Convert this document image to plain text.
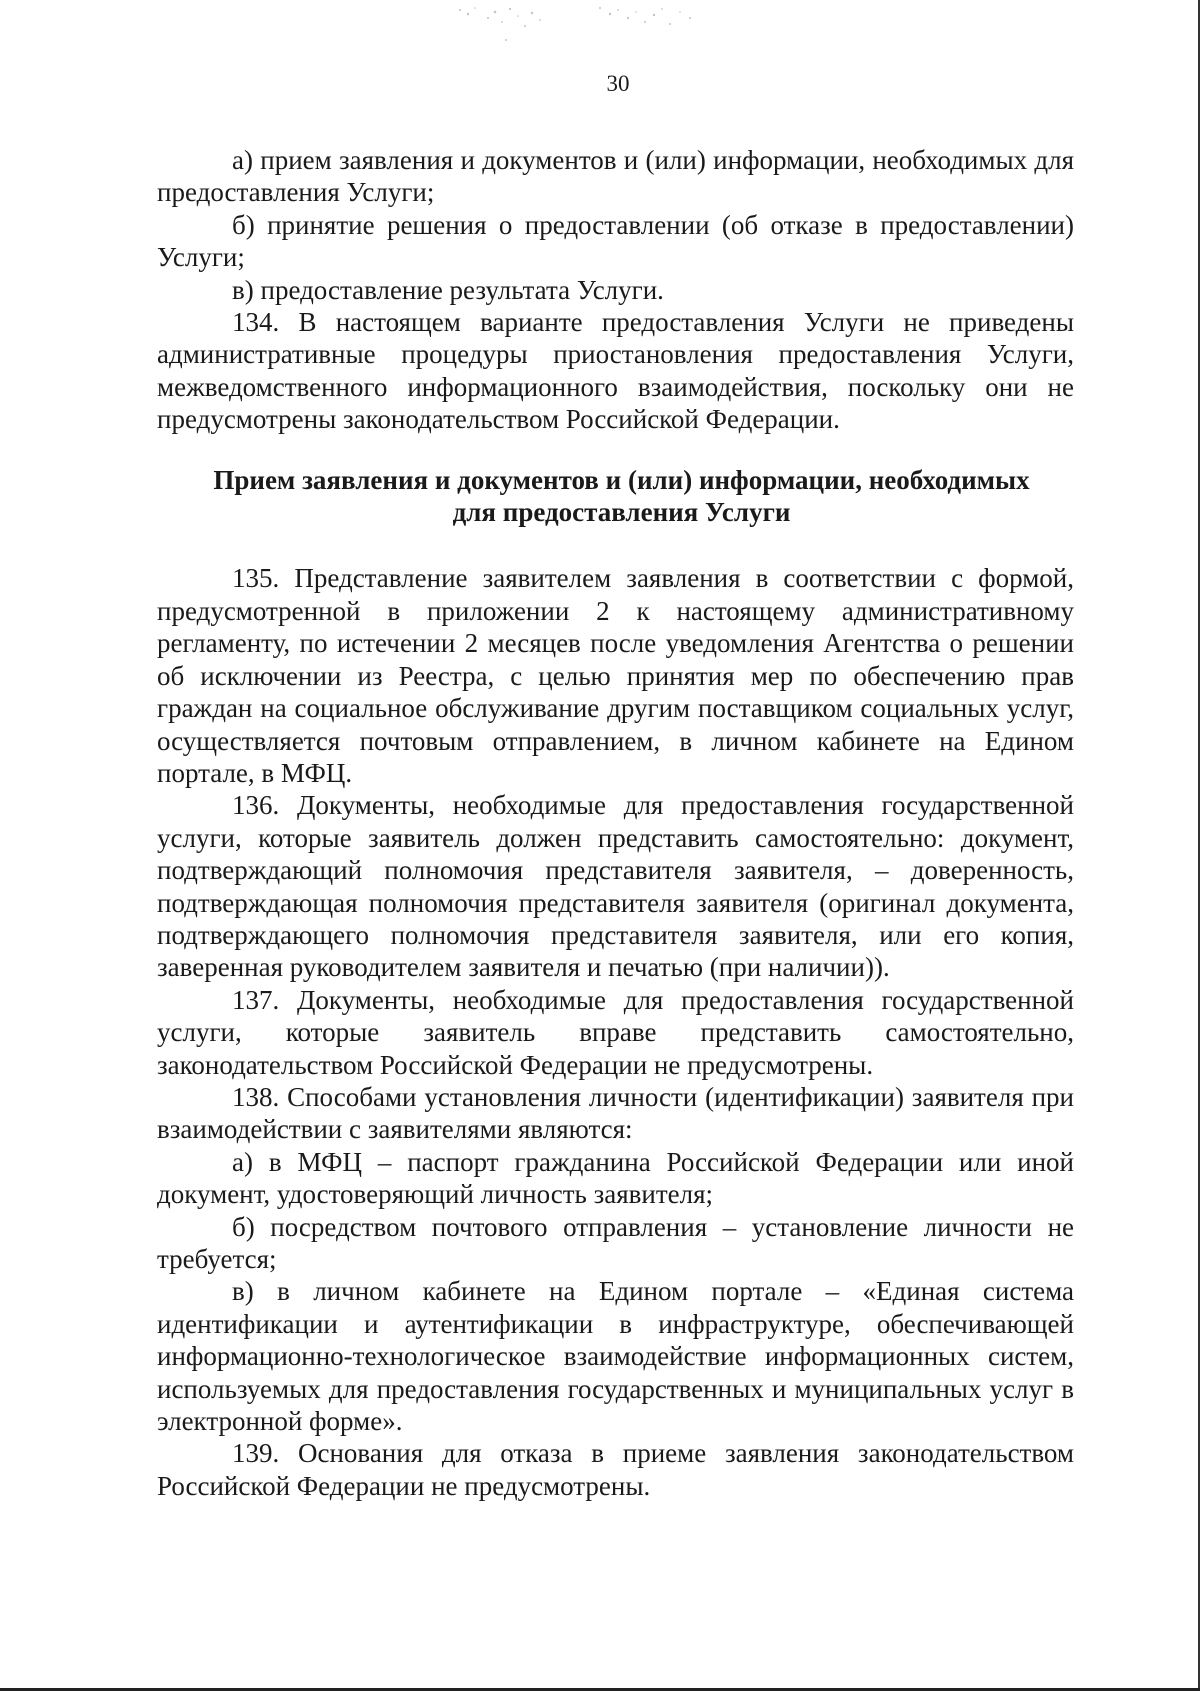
30

а) прием заявления и документов и (или) информации, необходимых для предоставления Услуги;

б) принятие решения о предоставлении (об отказе в предоставлении) Услуги;

в) предоставление результата Услуги.

134. В настоящем варианте предоставления Услуги не приведены административные процедуры приостановления предоставления Услуги, межведомственного информационного взаимодействия, поскольку они не предусмотрены законодательством Российской Федерации.

Прием заявления и документов и (или) информации, необходимых
для предоставления Услуги

135. Представление заявителем заявления в соответствии с формой, предусмотренной в приложении 2 к настоящему административному регламенту, по истечении 2 месяцев после уведомления Агентства о решении об исключении из Реестра, с целью принятия мер по обеспечению прав граждан на социальное обслуживание другим поставщиком социальных услуг, осуществляется почтовым отправлением, в личном кабинете на Едином портале, в МФЦ.

136. Документы, необходимые для предоставления государственной услуги, которые заявитель должен представить самостоятельно: документ, подтверждающий полномочия представителя заявителя, – доверенность, подтверждающая полномочия представителя заявителя (оригинал документа, подтверждающего полномочия представителя заявителя, или его копия, заверенная руководителем заявителя и печатью (при наличии)).

137. Документы, необходимые для предоставления государственной услуги, которые заявитель вправе представить самостоятельно, законодательством Российской Федерации не предусмотрены.

138. Способами установления личности (идентификации) заявителя при взаимодействии с заявителями являются:

а) в МФЦ – паспорт гражданина Российской Федерации или иной документ, удостоверяющий личность заявителя;

б) посредством почтового отправления – установление личности не требуется;

в) в личном кабинете на Едином портале – «Единая система идентификации и аутентификации в инфраструктуре, обеспечивающей информационно-технологическое взаимодействие информационных систем, используемых для предоставления государственных и муниципальных услуг в электронной форме».

139. Основания для отказа в приеме заявления законодательством Российской Федерации не предусмотрены.
